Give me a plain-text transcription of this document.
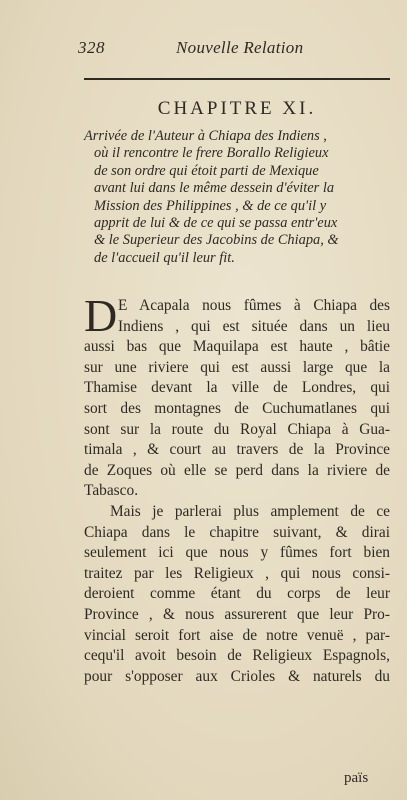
328	Nouvelle Relation
CHAPITRE XI.
Arrivée de l'Auteur à Chiapa des Indiens ,
où il rencontre le frere Borallo Religieux
de son ordre qui étoit parti de Mexique
avant lui dans le même dessein d'éviter la
Mission des Philippines , & de ce qu'il y
apprit de lui & de ce qui se passa entr'eux
& le Superieur des Jacobins de Chiapa, &
de l'accueil qu'il leur fit.
D E Acapala nous fûmes à Chiapa des
Indiens , qui est située dans un lieu
aussi bas que Maquilapa est haute , bâtie
sur une riviere qui est aussi large que la
Thamise devant la ville de Londres, qui
sort des montagnes de Cuchumatlanes qui
sont sur la route du Royal Chiapa à Gua-
timala , & court au travers de la Province
de Zoques où elle se perd dans la riviere de
Tabasco.
Mais je parlerai plus amplement de ce
Chiapa dans le chapitre suivant, & dirai
seulement ici que nous y fûmes fort bien
traitez par les Religieux , qui nous consi-
deroient comme étant du corps de leur
Province , & nous assurerent que leur Pro-
vincial seroit fort aise de notre venuë , par-
cequ'il avoit besoin de Religieux Espagnols,
pour s'opposer aux Crioles & naturels du
païs
